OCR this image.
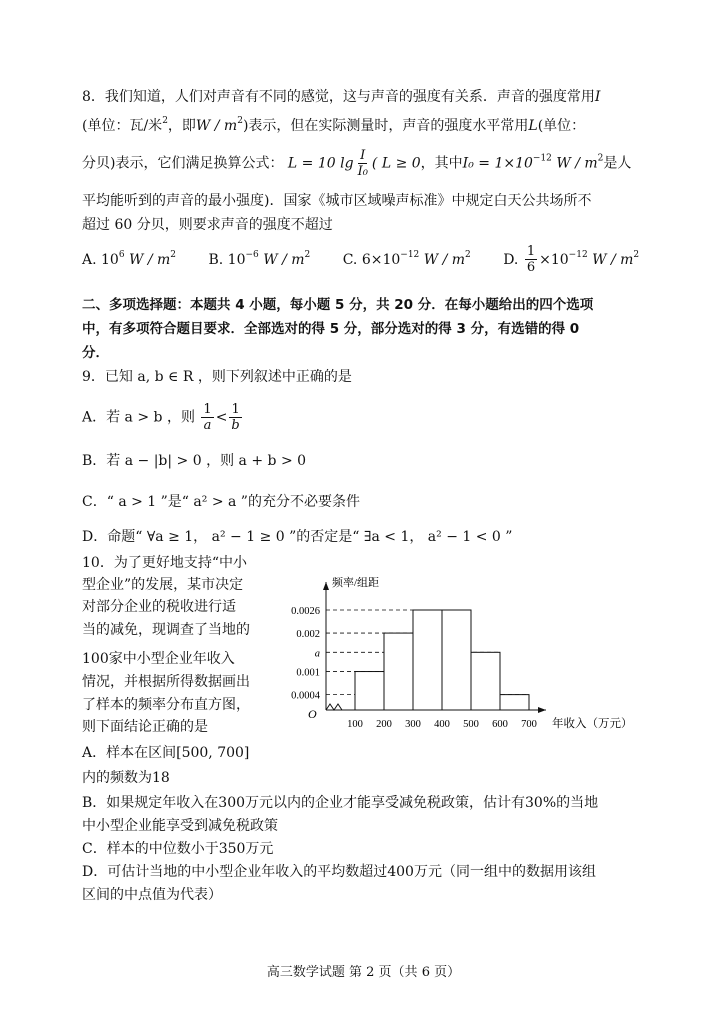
8．我们知道，人们对声音有不同的感觉，这与声音的强度有关系．声音的强度常用I
(单位：瓦/米$^2$，即W / $m^2$)表示，但在实际测量时，声音的强度水平常用L(单位：
分贝)表示，它们满足换算公式： L = 10 $\lg \frac{I}{\text{I₀}}$ ( L ≥ 0，其中$I_0 = 1\times 10^{-12}$ W / $m^2$是人
平均能听到的声音的最小强度)．国家《城市区域噪声标准》中规定白天公共场所不
超过 60 分贝，则要求声音的强度不超过
A. $10^6$ W / $m^2$ B. $10^{-6}$ W / $m^2$ C. $6\times 10^{-12}$ W / $m^2$ D. $\frac{1}{6} \times 10^{-12}$ W / $m^2$
二、多项选择题：本题共 4 小题，每小题 5 分，共 20 分．在每小题给出的四个选项
中，有多项符合题目要求．全部选对的得 5 分，部分选对的得 3 分，有选错的得 0
分．
9．已知 a, b ∈ R ，则下列叙述中正确的是
A．若 a > b ，则 $\frac{1}{a} < \frac{1}{b}$
B．若 a − |b| > 0 ，则 a + b > 0
C．“ a > 1 ”是“ a² > a ”的充分不必要条件
D．命题“ ∀a ≥ 1， a² − 1 ≥ 0 ”的否定是“ ∃a < 1， a² − 1 < 0 ”
10．为了更好地支持“中小
型企业”的发展，某市决定
对部分企业的税收进行适
当的减免，现调查了当地的
100家中小型企业年收入
情况，并根据所得数据画出
了样本的频率分布直方图，
则下面结论正确的是
A．样本在区间[500, 700]
内的频数为18
0.0026
0.002
a
0.001
0.0004
100 200 300 400 500 600 700
频率/组距
年收入（万元）
O
B．如果规定年收入在300万元以内的企业才能享受减免税政策，估计有30%的当地
中小型企业能享受到减免税政策
C．样本的中位数小于350万元
D．可估计当地的中小型企业年收入的平均数超过400万元（同一组中的数据用该组
区间的中点值为代表）
高三数学试题 第 2 页（共 6 页）
